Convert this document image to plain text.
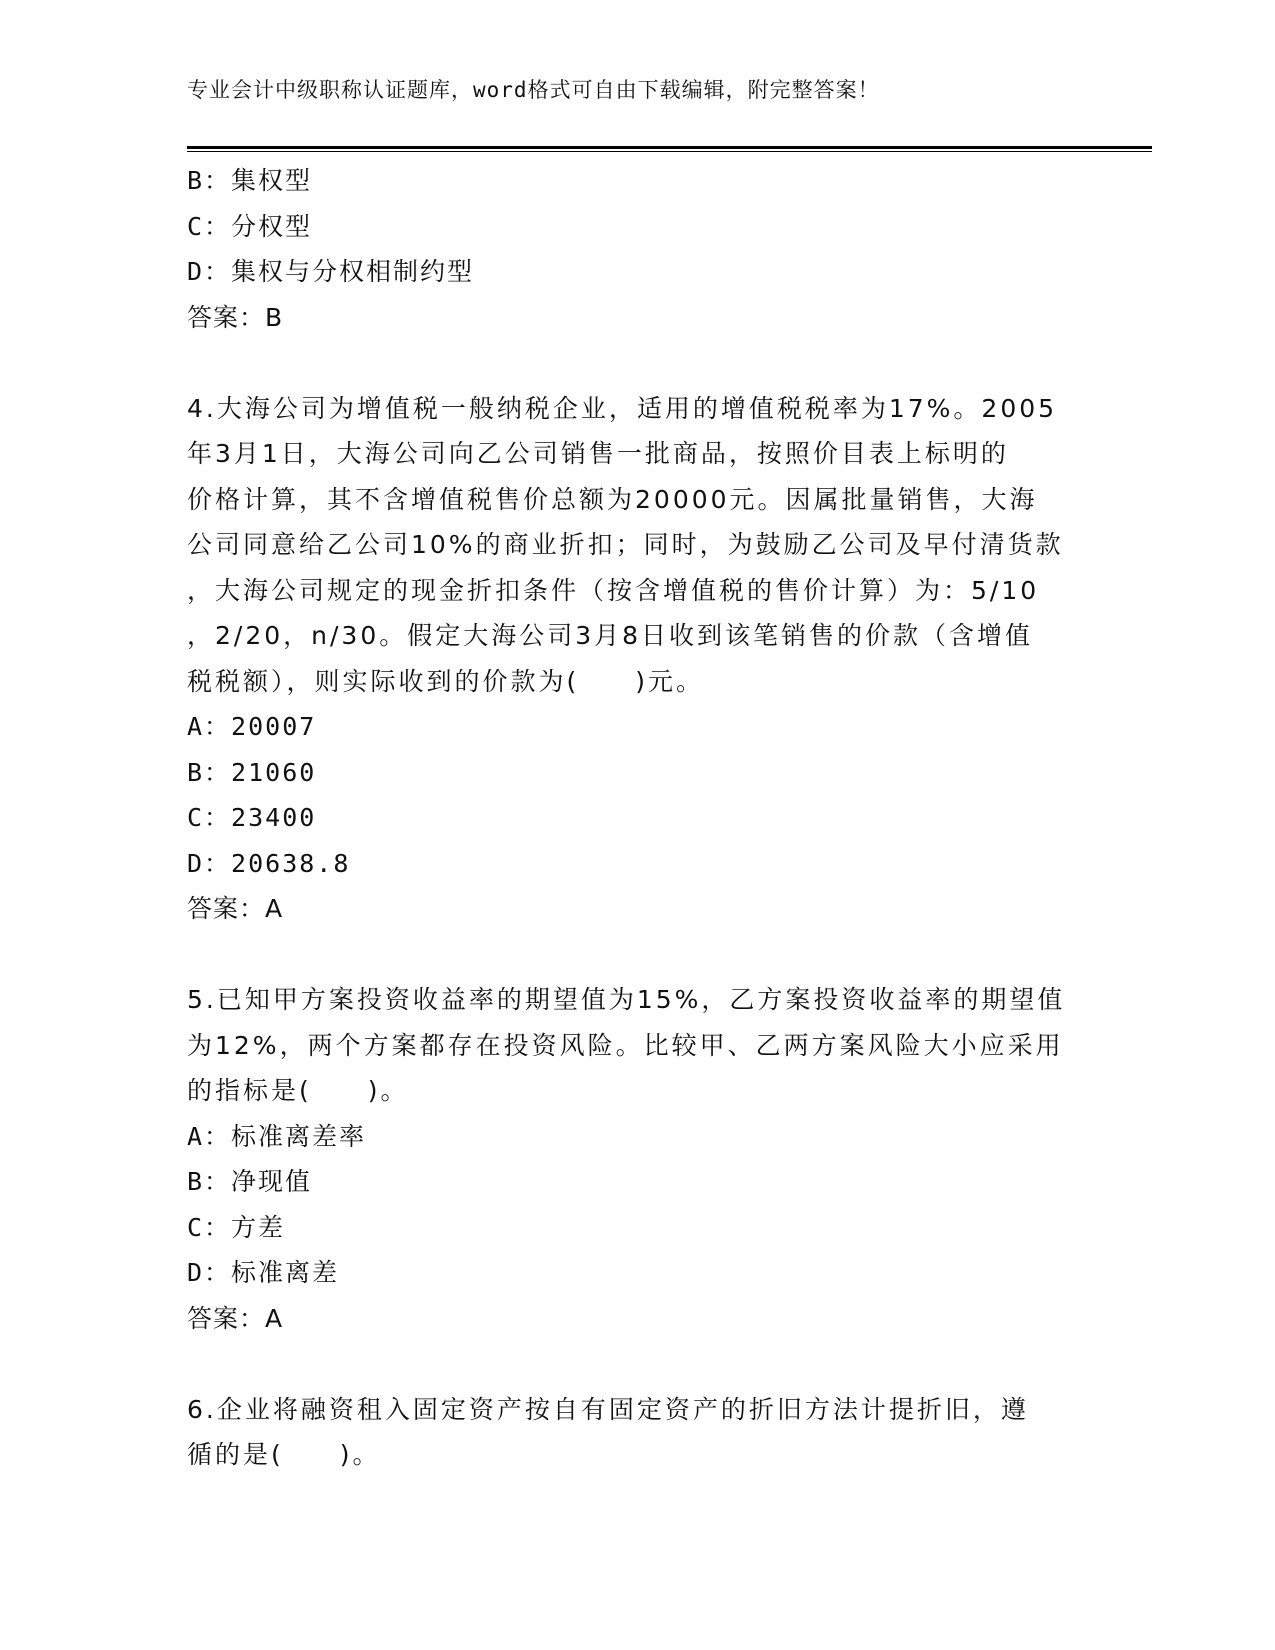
专业会计中级职称认证题库，word格式可自由下载编辑，附完整答案！
B：集权型
C：分权型
D：集权与分权相制约型
答案：B
4.大海公司为增值税一般纳税企业，适用的增值税税率为17%。2005
年3月1日，大海公司向乙公司销售一批商品，按照价目表上标明的
价格计算，其不含增值税售价总额为20000元。因属批量销售，大海
公司同意给乙公司10%的商业折扣；同时，为鼓励乙公司及早付清货款
，大海公司规定的现金折扣条件（按含增值税的售价计算）为：5/10
，2/20，n/30。假定大海公司3月8日收到该笔销售的价款（含增值
税税额），则实际收到的价款为(　　)元。
A：20007
B：21060
C：23400
D：20638.8
答案：A
5.已知甲方案投资收益率的期望值为15%，乙方案投资收益率的期望值
为12%，两个方案都存在投资风险。比较甲、乙两方案风险大小应采用
的指标是(　　)。
A：标准离差率
B：净现值
C：方差
D：标准离差
答案：A
6.企业将融资租入固定资产按自有固定资产的折旧方法计提折旧，遵
循的是(　　)。
